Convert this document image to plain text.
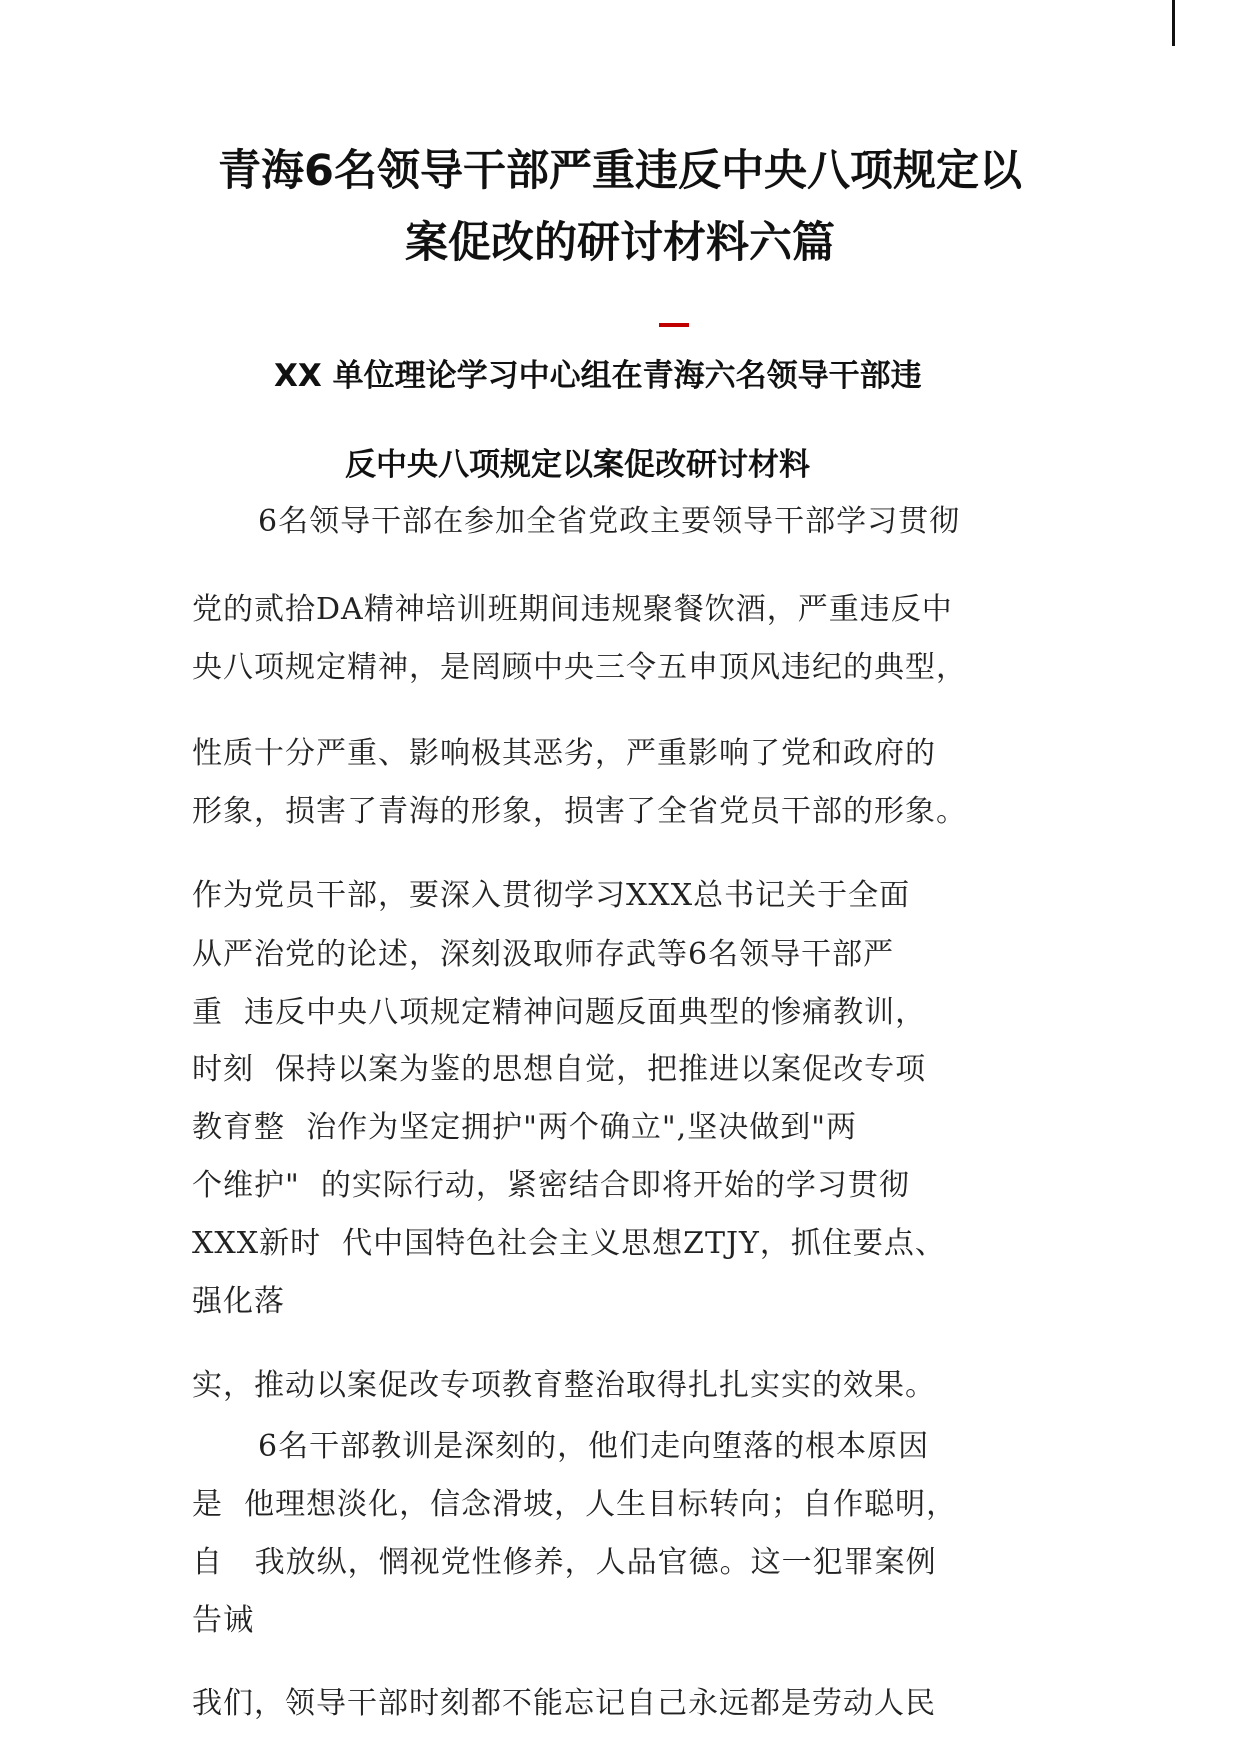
青海6名领导干部严重违反中央八项规定以
案促改的研讨材料六篇
XX 单位理论学习中心组在青海六名领导干部违
反中央八项规定以案促改研讨材料
6名领导干部在参加全省党政主要领导干部学习贯彻
党的贰拾DA精神培训班期间违规聚餐饮酒，严重违反中
央八项规定精神，是罔顾中央三令五申顶风违纪的典型，
性质十分严重、影响极其恶劣，严重影响了党和政府的
形象，损害了青海的形象，损害了全省党员干部的形象。
作为党员干部，要深入贯彻学习XXX总书记关于全面
从严治党的论述，深刻汲取师存武等6名领导干部严
重  违反中央八项规定精神问题反面典型的惨痛教训，
时刻  保持以案为鉴的思想自觉，把推进以案促改专项
教育整  治作为坚定拥护"两个确立",坚决做到"两
个维护"  的实际行动，紧密结合即将开始的学习贯彻
XXX新时  代中国特色社会主义思想ZTJY，抓住要点、
强化落
实，推动以案促改专项教育整治取得扎扎实实的效果。
6名干部教训是深刻的，他们走向堕落的根本原因
是  他理想淡化，信念滑坡，人生目标转向；自作聪明，
自   我放纵，惘视党性修养，人品官德。这一犯罪案例
告诫
我们，领导干部时刻都不能忘记自己永远都是劳动人民
